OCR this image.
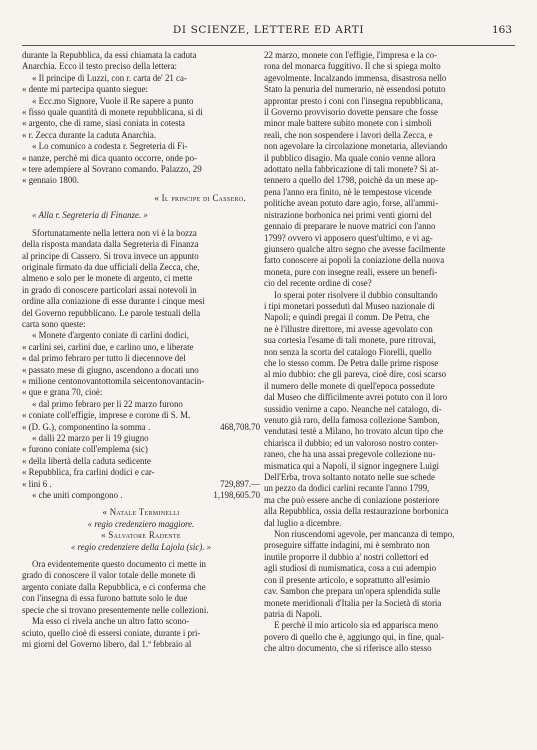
DI SCIENZE, LETTERE ED ARTI	163
durante la Repubblica, da essi chiamata la caduta
Anarchia. Ecco il testo preciso della lettera:
« Il principe di Luzzi, con r. carta de' 21 ca-
« dente mi partecipa quanto siegue:
« Ecc.mo Signore, Vuole il Re sapere a punto
« fisso quale quantità di monete repubblicana, si di
« argento, che di rame, siasi coniata in cotesta
« r. Zecca durante la caduta Anarchia.
« Lo comunico a codesta r. Segreteria di Fi-
« nanze, perchè mi dica quanto occorre, onde po-
« tere adempiere al Sovrano comando. Palazzo, 29
« gennaio 1800.
« Il principe di Cassero.
« Alla r. Segreteria di Finanze. »
Sfortunatamente nella lettera non vi è la bozza
della risposta mandata dalla Segreteria di Finanza
al principe di Cassero. Si trova invece un appunto
originale firmato da due ufficiali della Zecca, che,
almeno e solo per le monete di argento, ci mette
in grado di conoscere particolari assai notevoli in
ordine alla coniazione di esse durante i cinque mesi
del Governo repubblicano. Le parole testuali della
carta sono queste:
« Monete d'argento coniate di carlini dodici,
« carlini sei, carlini due, e carlino uno, e liberate
« dal primo febraro per tutto li diecennove del
« passato mese di giugno, ascendono a docati uno
« milione centonovantottomila seicentonovantacin-
« que e grana 70, cioè:
« dal primo febraro per li 22 marzo furono
« coniate coll'effigie, imprese e corone di S. M.
« (D. G.), componentino la somma .	468,708.70
« dalli 22 marzo per li 19 giugno
« furono coniate coll'emplema (sic)
« della libertà della caduta sedicente
« Repubblica, fra carlini dodici e car-
« lini 6 .	729,897.—
« che uniti compongono .	1,198,605.70
« Natale Terminelli
« regio credenziero maggiore.
« Salvatore Radente
« regio credenziere della Lajola (sic). »
Ora evidentemente questo documento ci mette in
grado di conoscere il valor totale delle monete di
argento coniate dalla Repubblica, e ci conferma che
con l'insegna di essa furono battute solo le due
specie che si trovano presentemente nelle collezioni.
Ma esso ci rivela anche un altro fatto scono-
sciuto, quello cioè di essersi coniate, durante i pri-
mi giorni del Governo libero, dal 1.º febbraio al
22 marzo, monete con l'effigie, l'impresa e la co-
rona del monarca fuggitivo. Il che si spiega molto
agevolmente. Incalzando immensa, disastrosa nello
Stato la penuria del numerario, nè essendosi potuto
approntar presto i coni con l'insegna repubblicana,
il Governo provvisorio dovette pensare che fosse
minor male battere subito monete con i simboli
reali, che non sospendere i lavori della Zecca, e
non agevolare la circolazione monetaria, alleviando
il pubblico disagio. Ma quale conio venne allora
adottato nella fabbricazione di tali monete? Si at-
tennero a quello del 1798, poichè da un mese ap-
pena l'anno era finito, nè le tempestose vicende
politiche avean potuto dare agio, forse, all'ammi-
nistrazione borbonica nei primi venti giorni del
gennaio di preparare le nuove matrici con l'anno
1799? ovvero vi apposero quest'ultimo, e vi ag-
giunsero qualche altro segno che avesse facilmente
fatto conoscere ai popoli la coniazione della nuova
moneta, pure con insegne reali, essere un benefi-
cio del recente ordine di cose?
Io sperai poter risolvere il dubbio consultando
i tipi monetari posseduti dal Museo nazionale di
Napoli; e quindi pregai il comm. De Petra, che
ne è l'illustre direttore, mi avesse agevolato con
sua cortesia l'esame di tali monete, pure ritrovai,
non senza la scorta del catalogo Fiorelli, quello
che lo stesso comm. De Petra dalle prime rispose
al mio dubbio: che gli pareva, cioè dire, così scarso
il numero delle monete di quell'epoca possedute
dal Museo che difficilmente avrei potuto con il loro
sussidio venirne a capo. Neanche nel catalogo, di-
venuto già raro, della famosa collezione Sambon,
vendutasi testè a Milano, ho trovato alcun tipo che
chiarisca il dubbio; ed un valoroso nostro conter-
raneo, che ha una assai pregevole collezione nu-
mismatica qui a Napoli, il signor ingegnere Luigi
Dell'Erba, trova soltanto notato nelle sue schede
un pezzo da dodici carlini recante l'anno 1799,
ma che può essere anche di coniazione posteriore
alla Repubblica, ossia della restaurazione borbonica
dal luglio a dicembre.
Non riuscendomi agevole, per mancanza di tempo,
proseguire siffatte indagini, mi è sembrato non
inutile proporre il dubbio a' nostri collettori ed
agli studiosi di numismatica, cosa a cui adempio
con il presente articolo, e soprattutto all'esimio
cav. Sambon che prepara un'opera splendida sulle
monete meridionali d'Italia per la Società di storia
patria di Napoli.
E perchè il mio articolo sia ed apparisca meno
povero di quello che è, aggiungo qui, in fine, qual-
che altro documento, che si riferisce allo stesso
